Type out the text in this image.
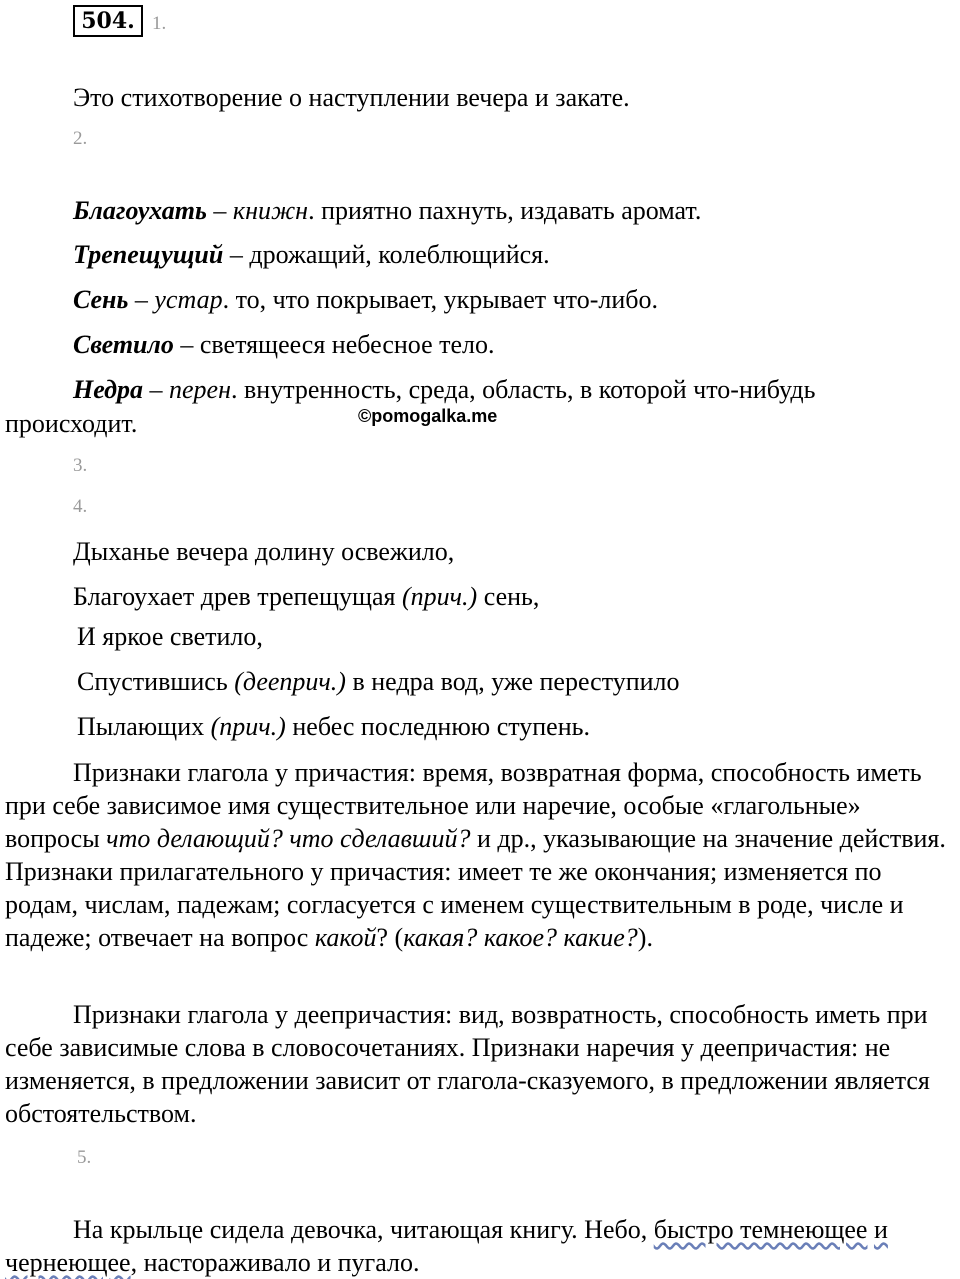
504. 1.
Это стихотворение о наступлении вечера и закате.
2.
Благоухать – книжн. приятно пахнуть, издавать аромат.
Трепещущий – дрожащий, колеблющийся.
Сень – устар. то, что покрывает, укрывает что-либо.
Светило – светящееся небесное тело.
Недра – перен. внутренность, среда, область, в которой что-нибудь
происходит.	©pomogalka.me
3.
4.
Дыханье вечера долину освежило,
Благоухает древ трепещущая (прич.) сень,
И яркое светило,
Спустившись (дееприч.) в недра вод, уже переступило
Пылающих (прич.) небес последнюю ступень.
Признаки глагола у причастия: время, возвратная форма, способность иметь при себе зависимое имя существительное или наречие, особые «глагольные» вопросы что делающий? что сделавший? и др., указывающие на значение действия. Признаки прилагательного у причастия: имеет те же окончания; изменяется по родам, числам, падежам; согласуется с именем существительным в роде, числе и падеже; отвечает на вопрос какой? (какая? какое? какие?).
Признаки глагола у деепричастия: вид, возвратность, способность иметь при себе зависимые слова в словосочетаниях. Признаки наречия у деепричастия: не изменяется, в предложении зависит от глагола-сказуемого, в предложении является обстоятельством.
5.
На крыльце сидела девочка, читающая книгу. Небо, быстро темнеющее и чернеющее, настораживало и пугало.
